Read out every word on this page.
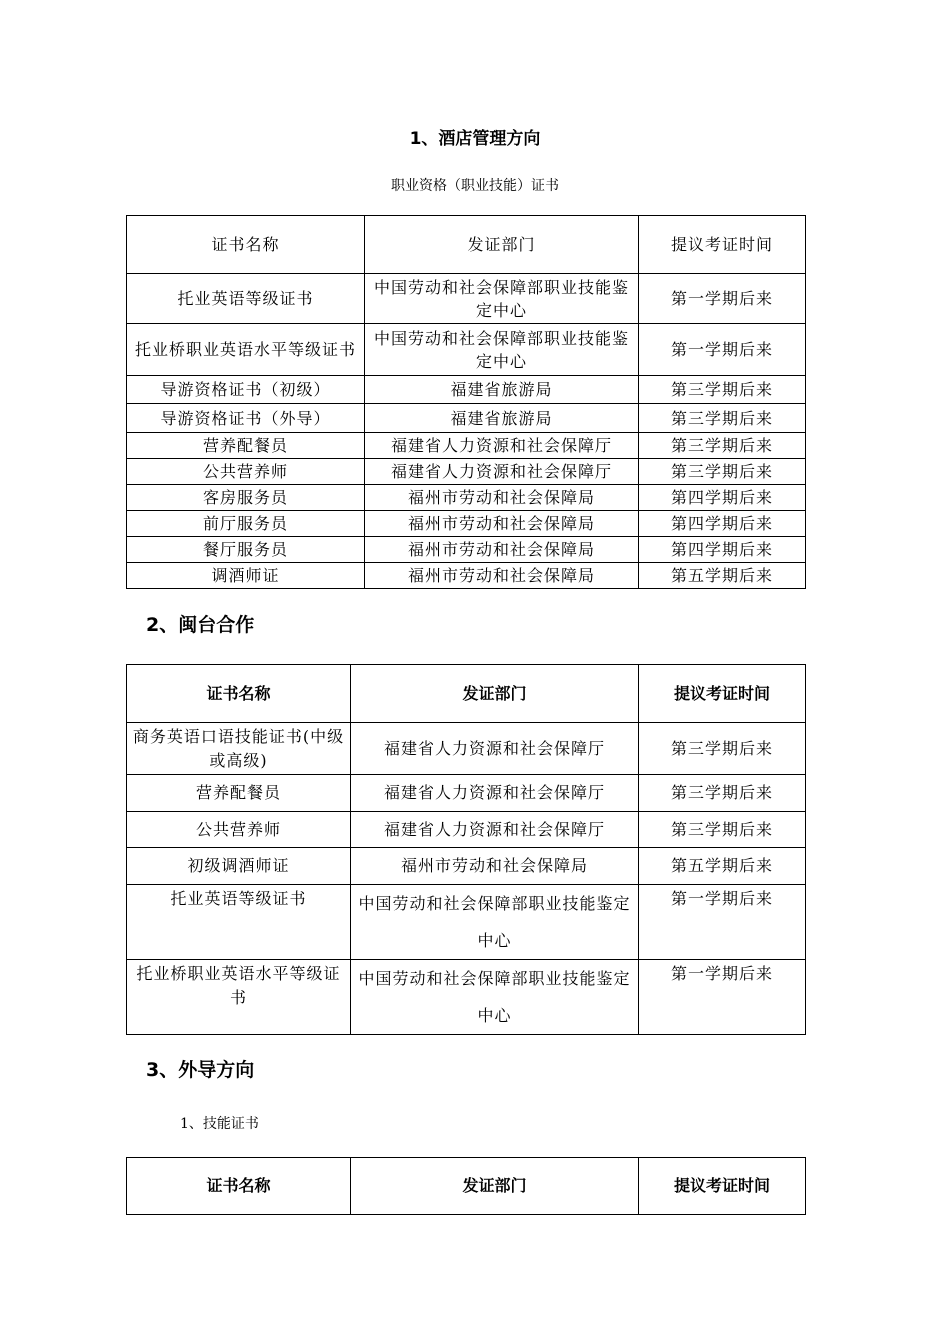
1、酒店管理方向
职业资格（职业技能）证书
证书名称	发证部门	提议考证时间
托业英语等级证书	中国劳动和社会保障部职业技能鉴定中心	第一学期后来
托业桥职业英语水平等级证书	中国劳动和社会保障部职业技能鉴定中心	第一学期后来
导游资格证书（初级）	福建省旅游局	第三学期后来
导游资格证书（外导）	福建省旅游局	第三学期后来
营养配餐员	福建省人力资源和社会保障厅	第三学期后来
公共营养师	福建省人力资源和社会保障厅	第三学期后来
客房服务员	福州市劳动和社会保障局	第四学期后来
前厅服务员	福州市劳动和社会保障局	第四学期后来
餐厅服务员	福州市劳动和社会保障局	第四学期后来
调酒师证	福州市劳动和社会保障局	第五学期后来
2、闽台合作
证书名称	发证部门	提议考证时间
商务英语口语技能证书(中级或高级)	福建省人力资源和社会保障厅	第三学期后来
营养配餐员	福建省人力资源和社会保障厅	第三学期后来
公共营养师	福建省人力资源和社会保障厅	第三学期后来
初级调酒师证	福州市劳动和社会保障局	第五学期后来
托业英语等级证书	中国劳动和社会保障部职业技能鉴定中心	第一学期后来
托业桥职业英语水平等级证书	中国劳动和社会保障部职业技能鉴定中心	第一学期后来
3、外导方向
1、技能证书
证书名称	发证部门	提议考证时间
